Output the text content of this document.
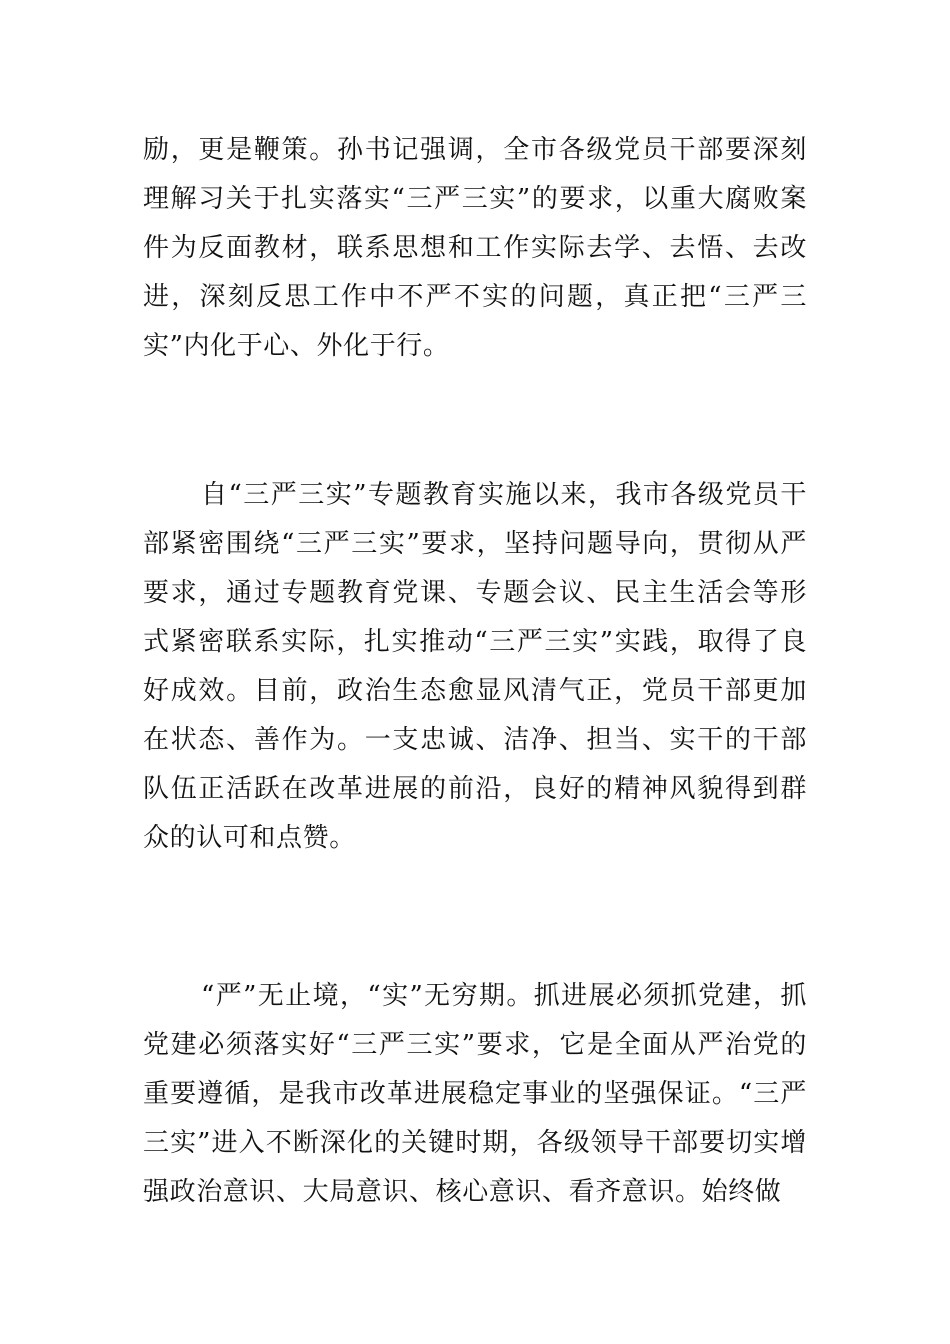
励，更是鞭策。孙书记强调，全市各级党员干部要深刻理解习关于扎实落实“三严三实”的要求，以重大腐败案件为反面教材，联系思想和工作实际去学、去悟、去改进，深刻反思工作中不严不实的问题，真正把“三严三实”内化于心、外化于行。

自“三严三实”专题教育实施以来，我市各级党员干部紧密围绕“三严三实”要求，坚持问题导向，贯彻从严要求，通过专题教育党课、专题会议、民主生活会等形式紧密联系实际，扎实推动“三严三实”实践，取得了良好成效。目前，政治生态愈显风清气正，党员干部更加在状态、善作为。一支忠诚、洁净、担当、实干的干部队伍正活跃在改革进展的前沿，良好的精神风貌得到群众的认可和点赞。

“严”无止境，“实”无穷期。抓进展必须抓党建，抓党建必须落实好“三严三实”要求，它是全面从严治党的重要遵循，是我市改革进展稳定事业的坚强保证。“三严三实”进入不断深化的关键时期，各级领导干部要切实增强政治意识、大局意识、核心意识、看齐意识。始终做
